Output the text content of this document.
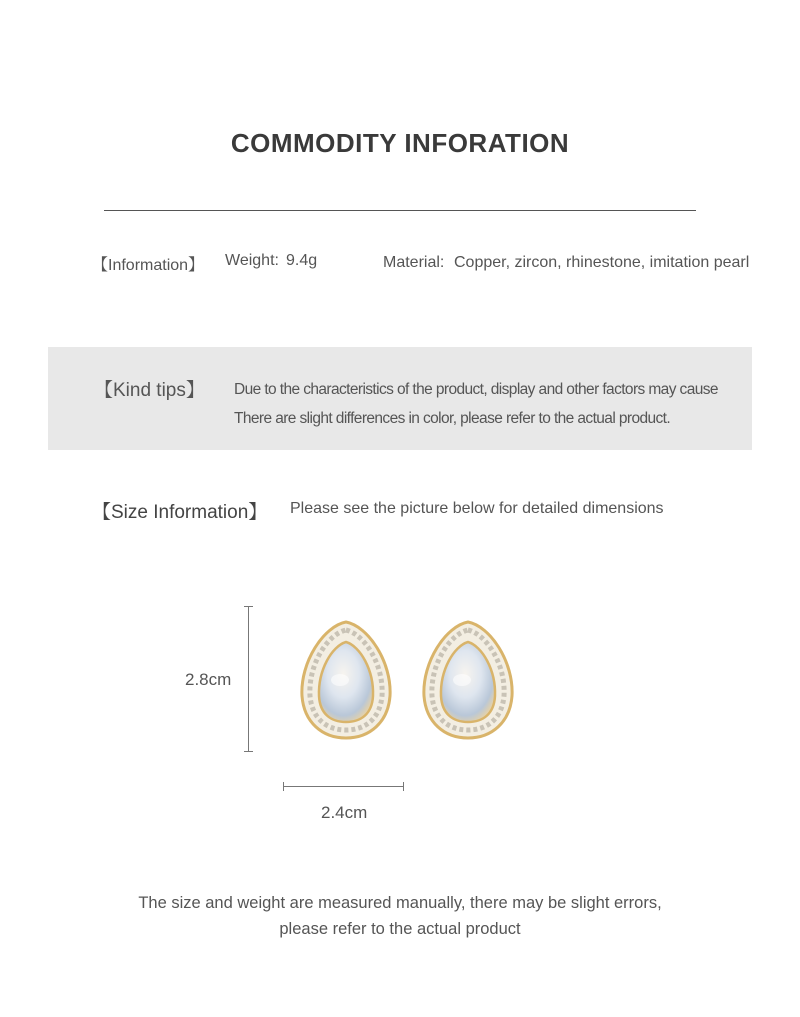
COMMODITY INFORATION
【Information】 Weight: 9.4g	Material: Copper, zircon, rhinestone, imitation pearl
【Kind tips】 Due to the characteristics of the product, display and other factors may cause
There are slight differences in color, please refer to the actual product.
【Size Information】 Please see the picture below for detailed dimensions
2.8cm
2.4cm
The size and weight are measured manually, there may be slight errors,
please refer to the actual product
